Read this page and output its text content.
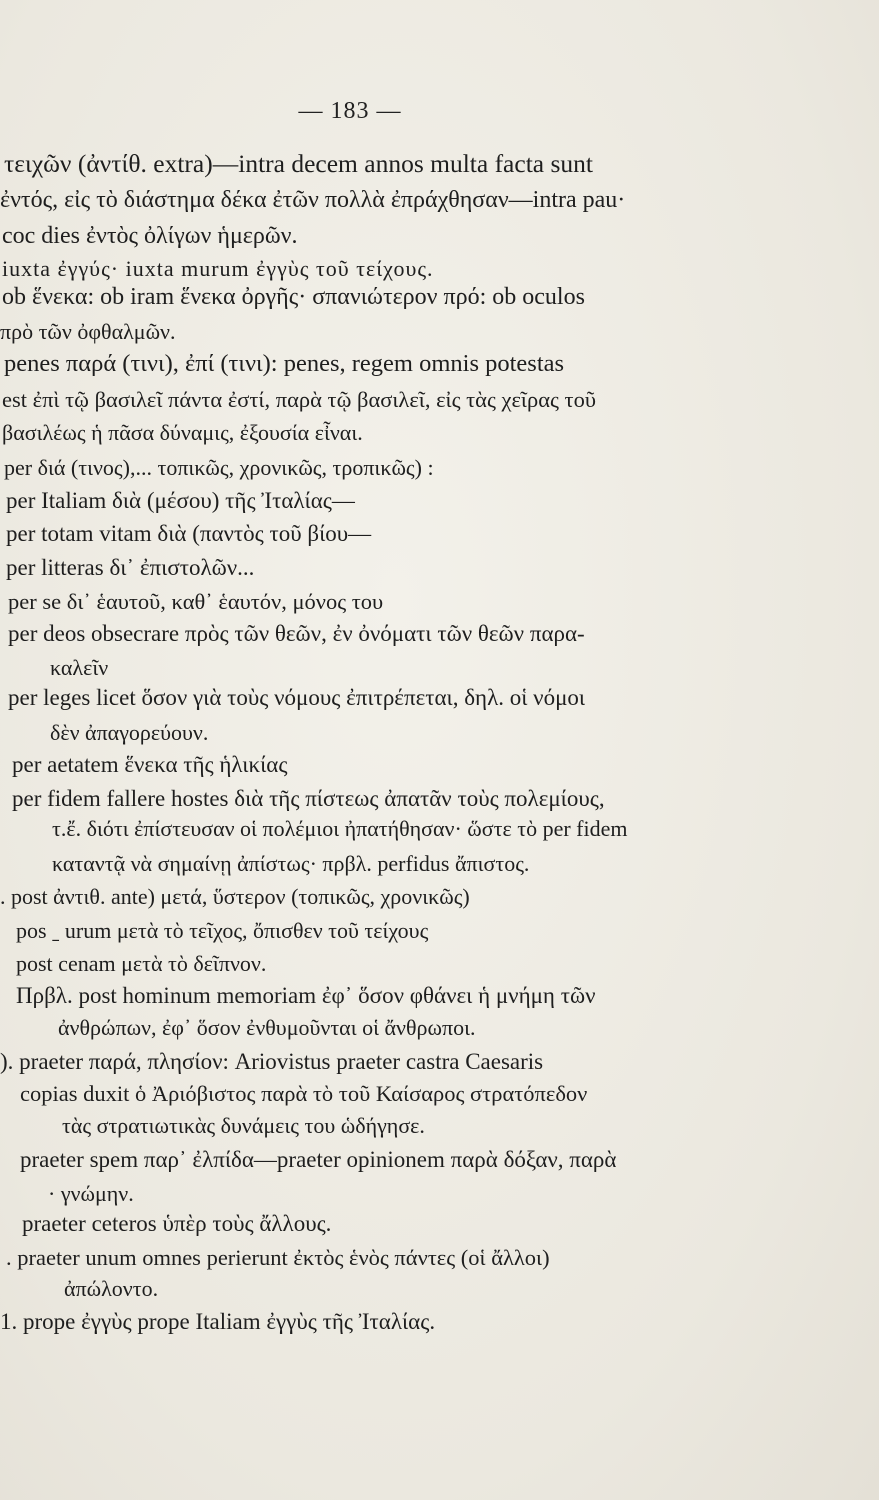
— 183 —
τειχῶν (ἀντίθ. extra)—intra decem annos multa facta sunt
ἐντός, εἰς τὸ διάστημα δέκα ἐτῶν πολλὰ ἐπράχθησαν—intra pau·
coc dies ἐντὸς ὀλίγων ἡμερῶν.
iuxta ἐγγύς· iuxta murum ἐγγὺς τοῦ τείχους.
ob ἕνεκα: ob iram ἕνεκα ὀργῆς· σπανιώτερον πρό: ob oculos
πρὸ τῶν ὀφθαλμῶν.
penes παρά (τινι), ἐπί (τινι): penes, regem omnis potestas
est ἐπὶ τῷ βασιλεῖ πάντα ἐστί, παρὰ τῷ βασιλεῖ, εἰς τὰς χεῖρας τοῦ
βασιλέως ἡ πᾶσα δύναμις, ἐξουσία εἶναι.
per διά (τινος),... τοπικῶς, χρονικῶς, τροπικῶς) :
per Italiam διὰ (μέσου) τῆς Ἰταλίας—
per totam vitam διὰ (παντὸς τοῦ βίου—
per litteras δι᾽ ἐπιστολῶν...
per se δι᾽ ἑαυτοῦ, καθ᾽ ἑαυτόν, μόνος του
per deos obsecrare πρὸς τῶν θεῶν, ἐν ὀνόματι τῶν θεῶν παρα-
καλεῖν
per leges licet ὅσον γιὰ τοὺς νόμους ἐπιτρέπεται, δηλ. οἱ νόμοι
δὲν ἀπαγορεύουν.
per aetatem ἕνεκα τῆς ἡλικίας
per fidem fallere hostes διὰ τῆς πίστεως ἀπατᾶν τοὺς πολεμίους,
τ.ἔ. διότι ἐπίστευσαν οἱ πολέμιοι ἠπατήθησαν· ὥστε τὸ per fidem
καταντᾷ νὰ σημαίνῃ ἀπίστως· πρβλ. perfidus ἄπιστος.
. post ἀντιθ. ante) μετά, ὕστερον (τοπικῶς, χρονικῶς)
pos ˍ urum μετὰ τὸ τεῖχος, ὄπισθεν τοῦ τείχους
post cenam μετὰ τὸ δεῖπνον.
Πρβλ. post hominum memoriam ἐφ᾽ ὅσον φθάνει ἡ μνήμη τῶν
ἀνθρώπων, ἐφ᾽ ὅσον ἐνθυμοῦνται οἱ ἄνθρωποι.
). praeter παρά, πλησίον: Ariovistus praeter castra Caesaris
copias duxit ὁ Ἀριόβιστος παρὰ τὸ τοῦ Καίσαρος στρατόπεδον
τὰς στρατιωτικὰς δυνάμεις του ὡδήγησε.
praeter spem παρ᾽ ἐλπίδα—praeter opinionem παρὰ δόξαν, παρὰ
· γνώμην.
praeter ceteros ὑπὲρ τοὺς ἄλλους.
. praeter unum omnes perierunt ἐκτὸς ἑνὸς πάντες (οἱ ἄλλοι)
ἀπώλοντο.
1. prope ἐγγὺς prope Italiam ἐγγὺς τῆς Ἰταλίας.
